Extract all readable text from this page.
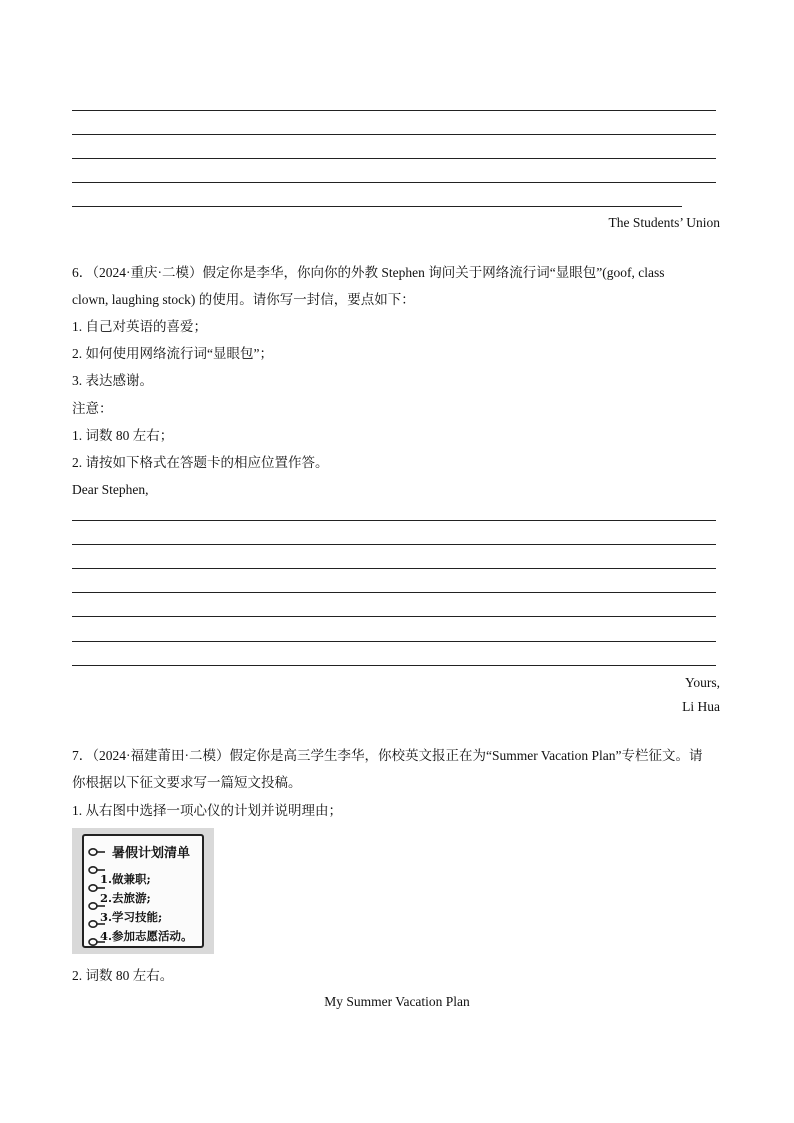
The Students’ Union
6．（2024·重庆·二模）假定你是李华，你向你的外教 Stephen 询问关于网络流行词“显眼包”(goof, class
clown, laughing stock) 的使用。请你写一封信，要点如下：
1. 自己对英语的喜爱；
2. 如何使用网络流行词“显眼包”；
3. 表达感谢。
注意：
1. 词数 80 左右；
2. 请按如下格式在答题卡的相应位置作答。
Dear Stephen,
Yours,
Li Hua
7．（2024·福建莆田·二模）假定你是高三学生李华，你校英文报正在为“Summer Vacation Plan”专栏征文。请
你根据以下征文要求写一篇短文投稿。
1. 从右图中选择一项心仪的计划并说明理由；
暑假计划清单
1.做兼职;
2.去旅游;
3.学习技能;
4.参加志愿活动。
2. 词数 80 左右。
My Summer Vacation Plan
